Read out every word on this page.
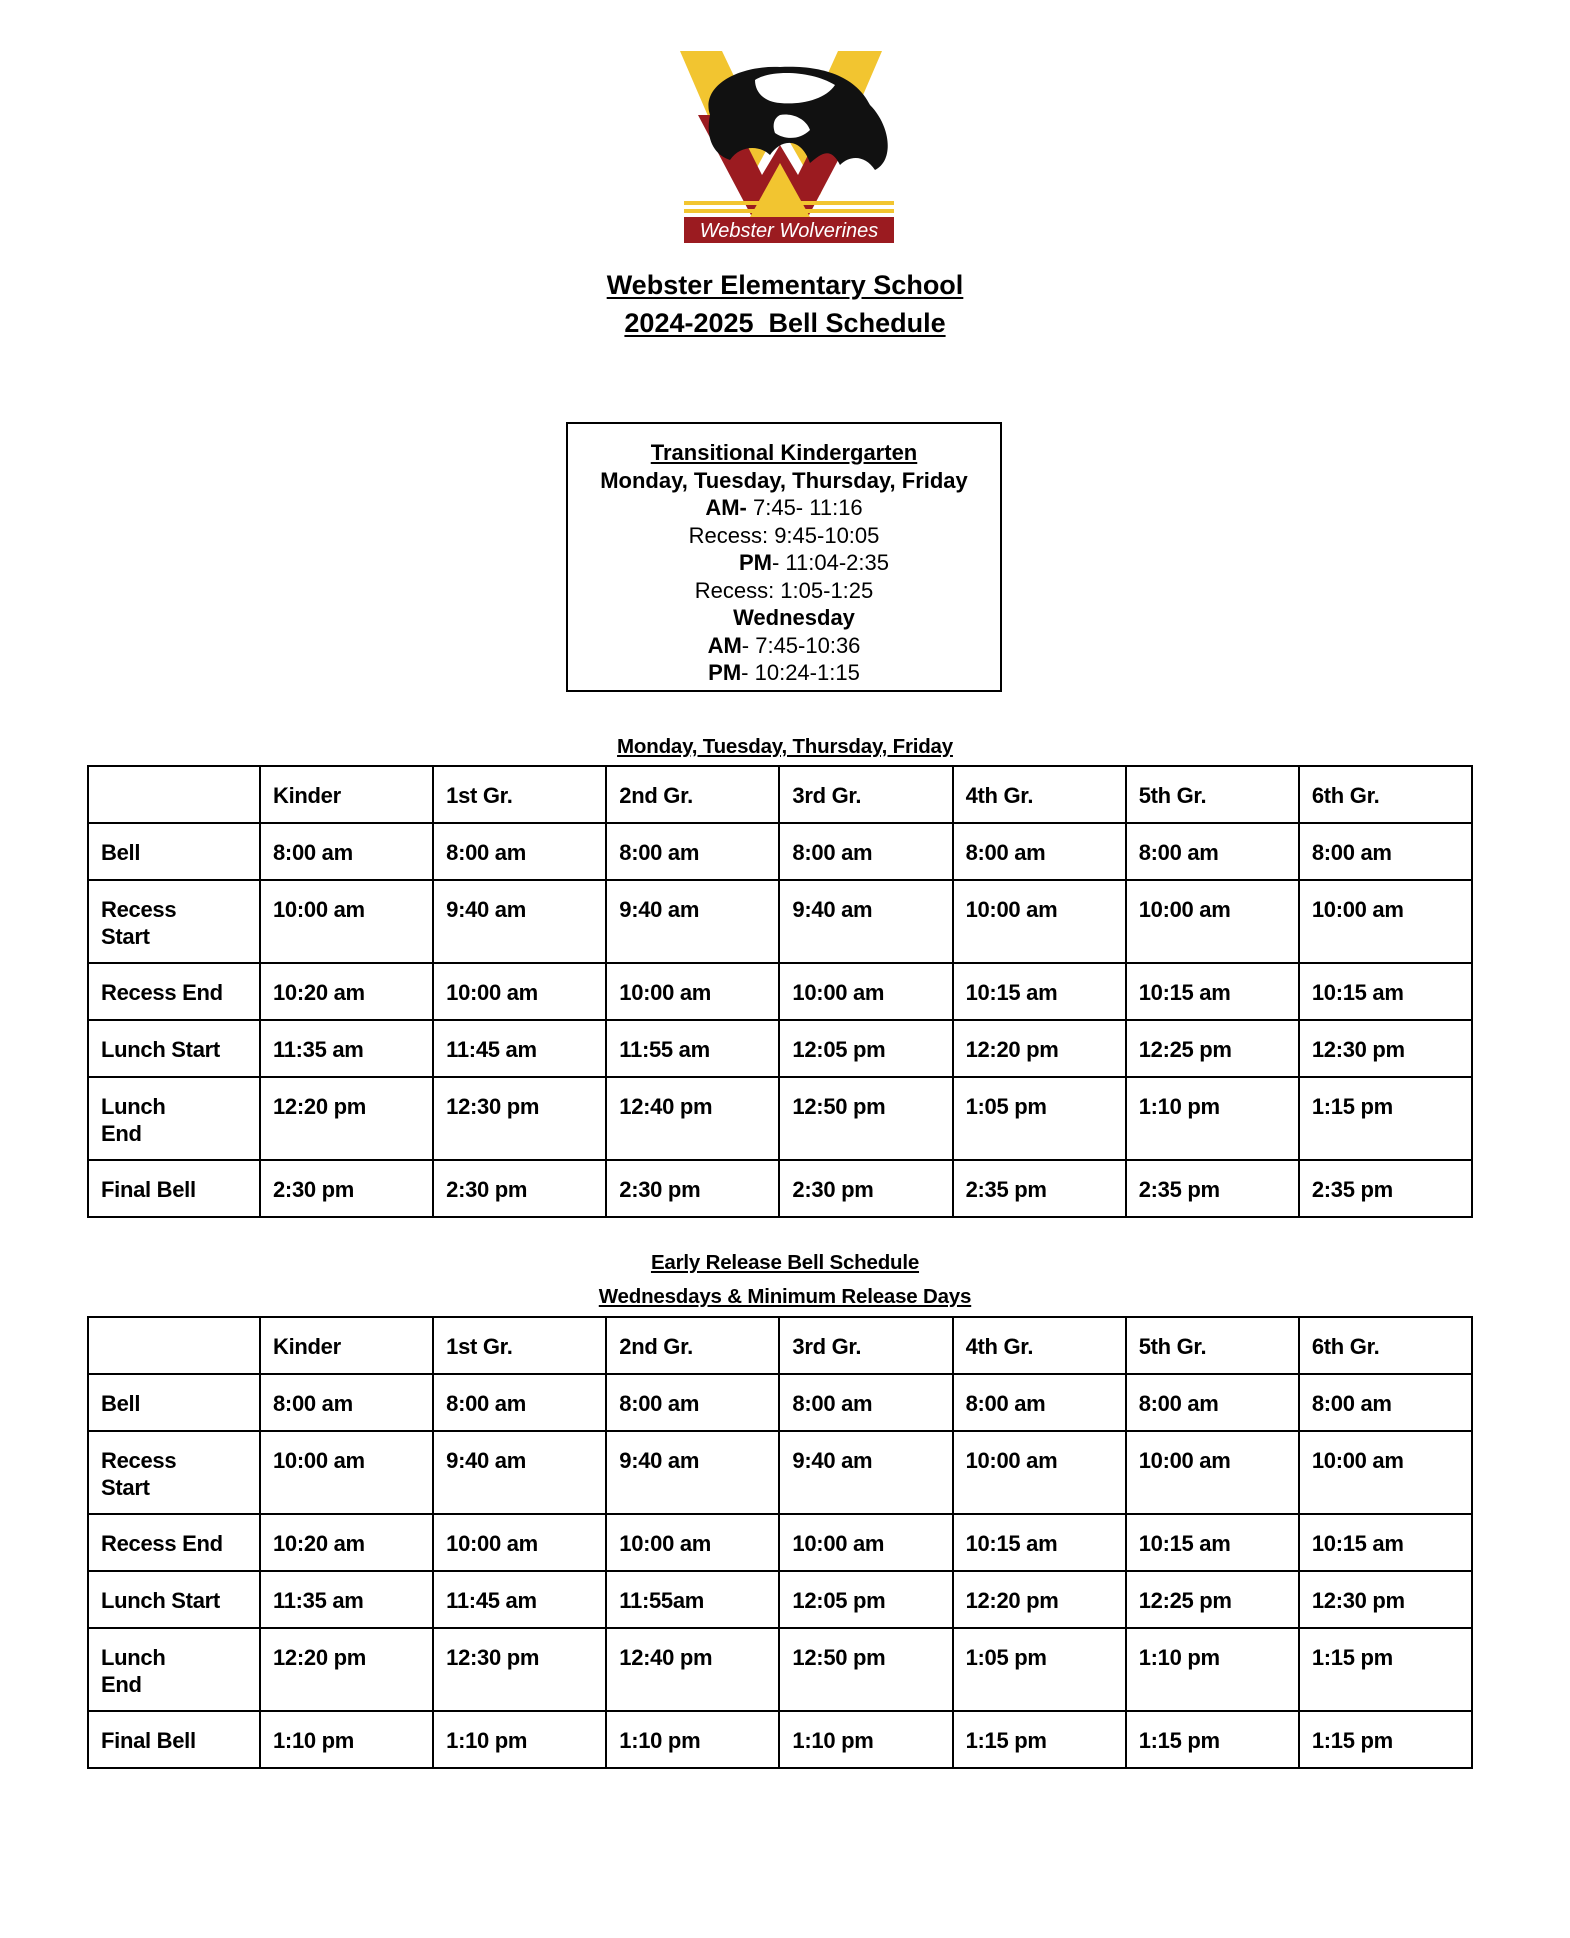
Webster Wolverines
Webster Elementary School
2024-2025  Bell Schedule
Transitional Kindergarten
Monday, Tuesday, Thursday, Friday
AM- 7:45- 11:16
Recess: 9:45-10:05
PM- 11:04-2:35
Recess: 1:05-1:25
Wednesday
AM- 7:45-10:36
PM- 10:24-1:15
Monday, Tuesday, Thursday, Friday
	Kinder	1st Gr.	2nd Gr.	3rd Gr.	4th Gr.	5th Gr.	6th Gr.
Bell	8:00 am	8:00 am	8:00 am	8:00 am	8:00 am	8:00 am	8:00 am
Recess Start	10:00 am	9:40 am	9:40 am	9:40 am	10:00 am	10:00 am	10:00 am
Recess End	10:20 am	10:00 am	10:00 am	10:00 am	10:15 am	10:15 am	10:15 am
Lunch Start	11:35 am	11:45 am	11:55 am	12:05 pm	12:20 pm	12:25 pm	12:30 pm
Lunch End	12:20 pm	12:30 pm	12:40 pm	12:50 pm	1:05 pm	1:10 pm	1:15 pm
Final Bell	2:30 pm	2:30 pm	2:30 pm	2:30 pm	2:35 pm	2:35 pm	2:35 pm
Early Release Bell Schedule
Wednesdays & Minimum Release Days
	Kinder	1st Gr.	2nd Gr.	3rd Gr.	4th Gr.	5th Gr.	6th Gr.
Bell	8:00 am	8:00 am	8:00 am	8:00 am	8:00 am	8:00 am	8:00 am
Recess Start	10:00 am	9:40 am	9:40 am	9:40 am	10:00 am	10:00 am	10:00 am
Recess End	10:20 am	10:00 am	10:00 am	10:00 am	10:15 am	10:15 am	10:15 am
Lunch Start	11:35 am	11:45 am	11:55am	12:05 pm	12:20 pm	12:25 pm	12:30 pm
Lunch End	12:20 pm	12:30 pm	12:40 pm	12:50 pm	1:05 pm	1:10 pm	1:15 pm
Final Bell	1:10 pm	1:10 pm	1:10 pm	1:10 pm	1:15 pm	1:15 pm	1:15 pm
